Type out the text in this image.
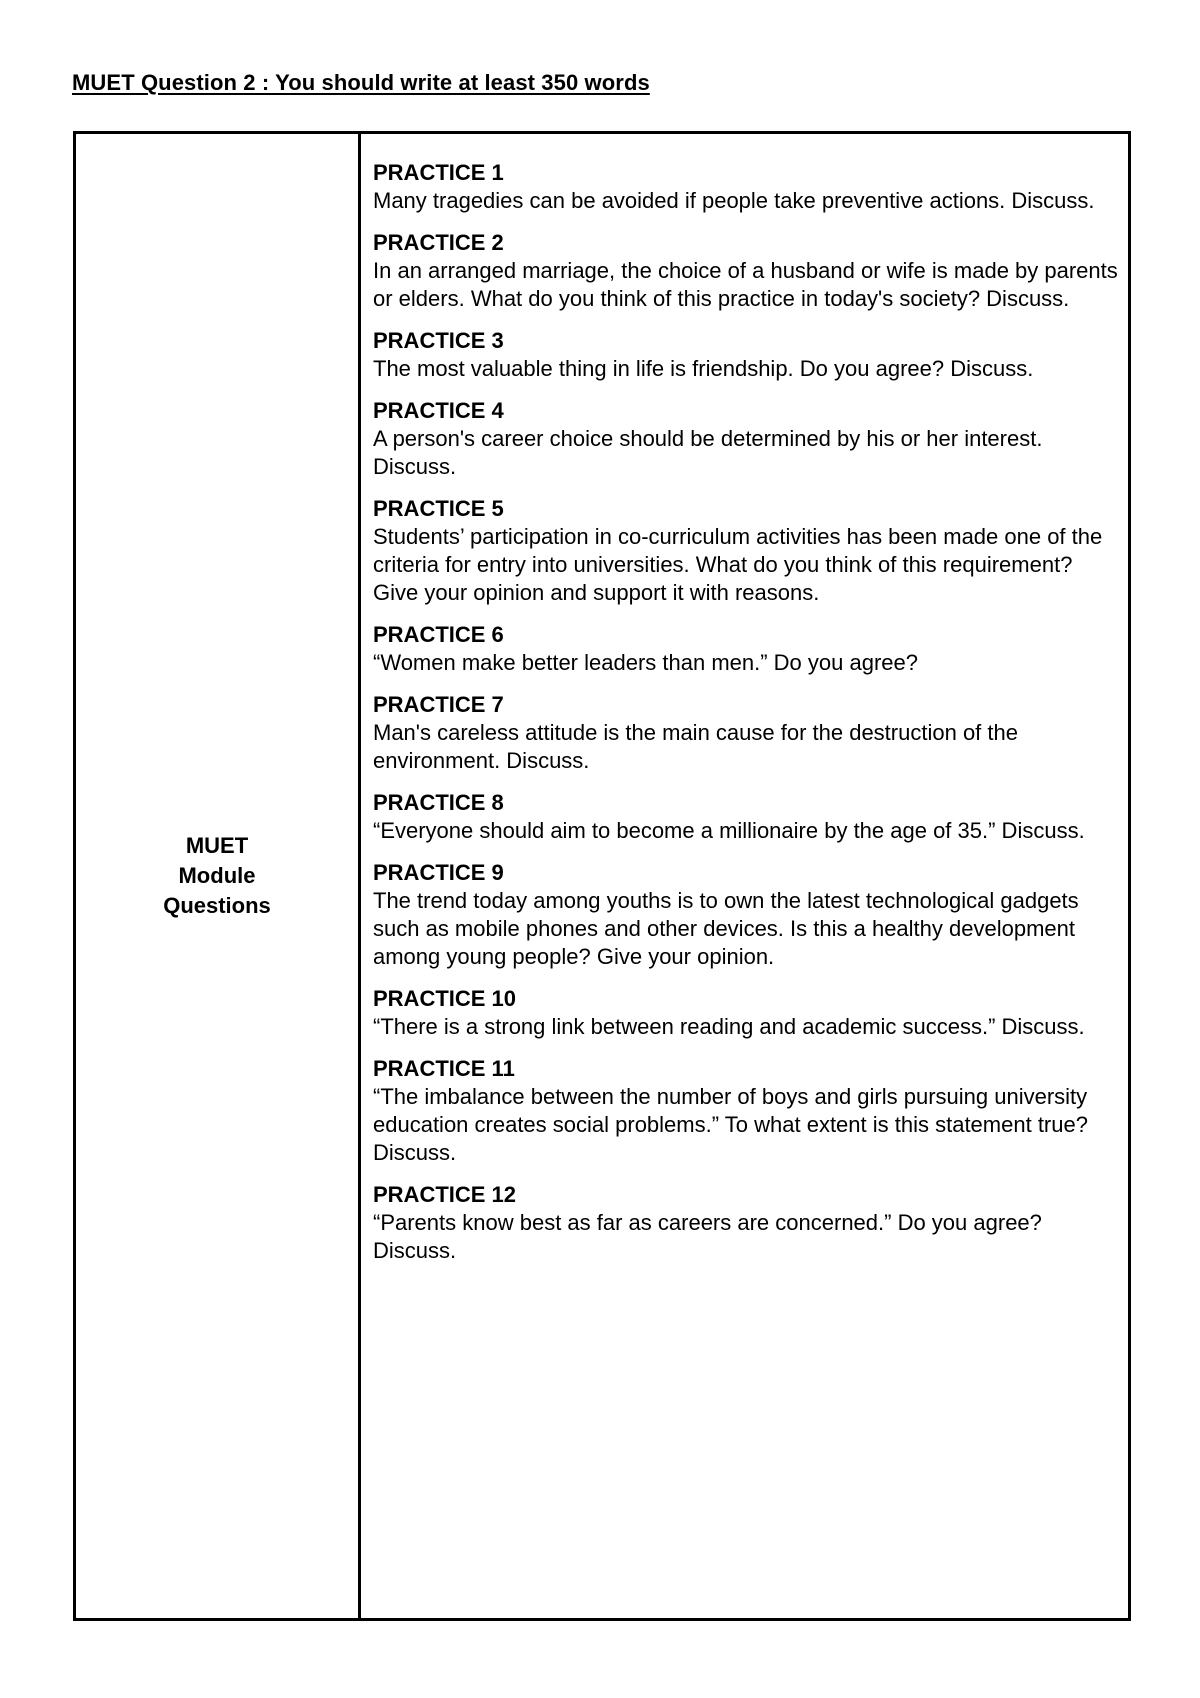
MUET Question 2 : You should write at least 350 words
MUET
Module
Questions
PRACTICE 1
Many tragedies can be avoided if people take preventive actions. Discuss.
PRACTICE 2
In an arranged marriage, the choice of a husband or wife is made by parents or elders. What do you think of this practice in today's society? Discuss.
PRACTICE 3
The most valuable thing in life is friendship. Do you agree? Discuss.
PRACTICE 4
A person's career choice should be determined by his or her interest. Discuss.
PRACTICE 5
Students’ participation in co-curriculum activities has been made one of the criteria for entry into universities. What do you think of this requirement? Give your opinion and support it with reasons.
PRACTICE 6
“Women make better leaders than men.” Do you agree?
PRACTICE 7
Man's careless attitude is the main cause for the destruction of the environment. Discuss.
PRACTICE 8
“Everyone should aim to become a millionaire by the age of 35.” Discuss.
PRACTICE 9
The trend today among youths is to own the latest technological gadgets such as mobile phones and other devices. Is this a healthy development among young people? Give your opinion.
PRACTICE 10
“There is a strong link between reading and academic success.” Discuss.
PRACTICE 11
“The imbalance between the number of boys and girls pursuing university education creates social problems.” To what extent is this statement true? Discuss.
PRACTICE 12
“Parents know best as far as careers are concerned.” Do you agree? Discuss.
